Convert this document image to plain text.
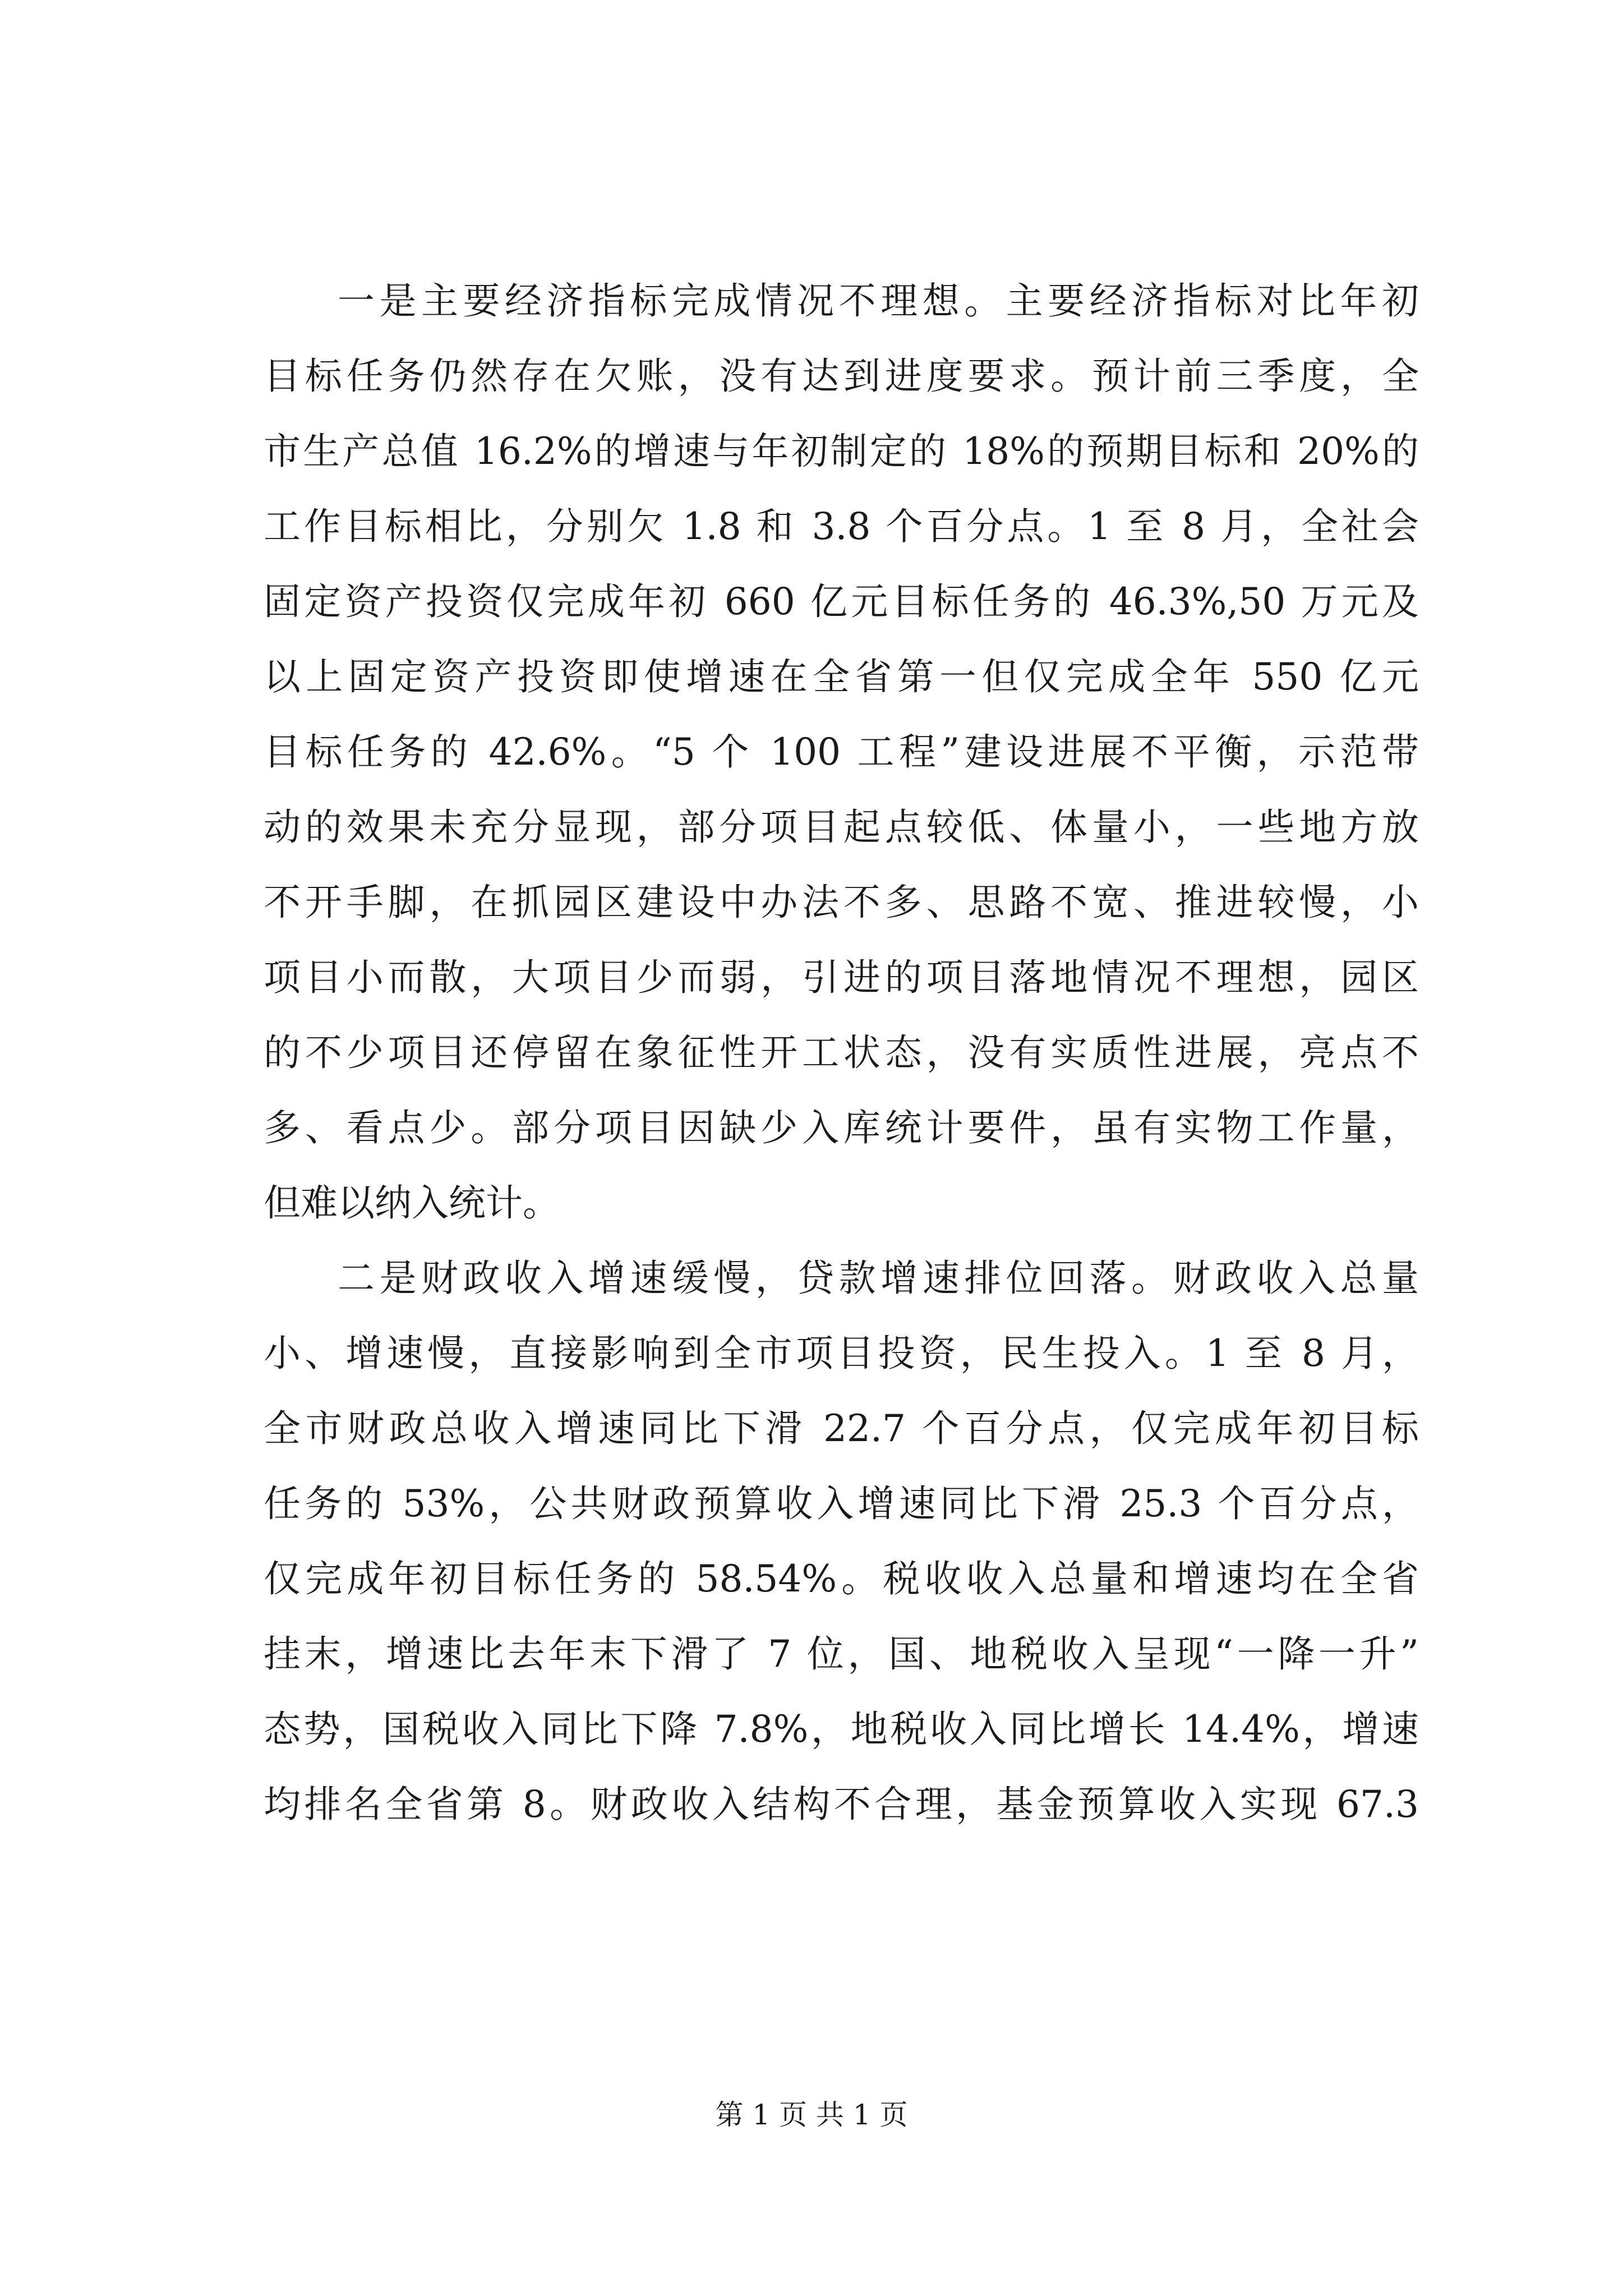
一是主要经济指标完成情况不理想。主要经济指标对比年初
目标任务仍然存在欠账，没有达到进度要求。预计前三季度，全
市生产总值 16.2%的增速与年初制定的 18%的预期目标和 20%的
工作目标相比，分别欠 1.8 和 3.8 个百分点。1 至 8 月，全社会
固定资产投资仅完成年初 660 亿元目标任务的 46.3%,50 万元及
以上固定资产投资即使增速在全省第一但仅完成全年 550 亿元
目标任务的 42.6%。“5 个 100 工程”建设进展不平衡，示范带
动的效果未充分显现，部分项目起点较低、体量小，一些地方放
不开手脚，在抓园区建设中办法不多、思路不宽、推进较慢，小
项目小而散，大项目少而弱，引进的项目落地情况不理想，园区
的不少项目还停留在象征性开工状态，没有实质性进展，亮点不
多、看点少。部分项目因缺少入库统计要件，虽有实物工作量，
但难以纳入统计。
二是财政收入增速缓慢，贷款增速排位回落。财政收入总量
小、增速慢，直接影响到全市项目投资，民生投入。1 至 8 月，
全市财政总收入增速同比下滑 22.7 个百分点，仅完成年初目标
任务的 53%，公共财政预算收入增速同比下滑 25.3 个百分点，
仅完成年初目标任务的 58.54%。税收收入总量和增速均在全省
挂末，增速比去年末下滑了 7 位，国、地税收入呈现“一降一升”
态势，国税收入同比下降 7.8%，地税收入同比增长 14.4%，增速
均排名全省第 8。财政收入结构不合理，基金预算收入实现 67.3
第 1 页 共 1 页
